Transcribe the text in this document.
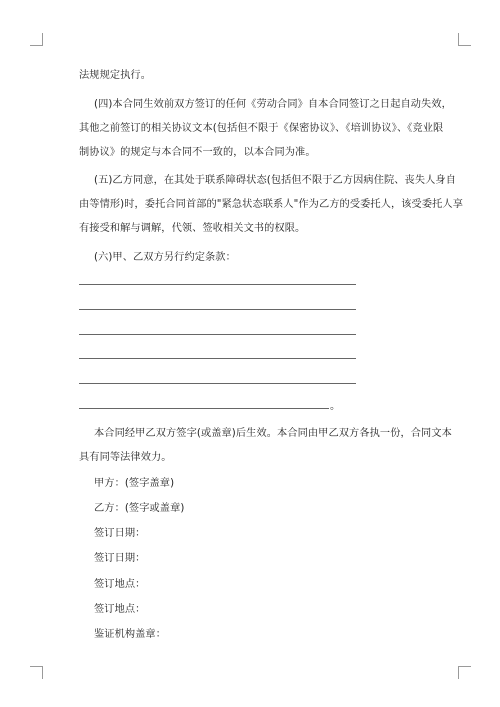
法规规定执行。
(四)本合同生效前双方签订的任何《劳动合同》自本合同签订之日起自动失效，
其他之前签订的相关协议文本(包括但不限于《保密协议》、《培训协议》、《竞业限
制协议》的规定与本合同不一致的，以本合同为准。
(五)乙方同意，在其处于联系障碍状态(包括但不限于乙方因病住院、丧失人身自
由等情形)时，委托合同首部的"紧急状态联系人"作为乙方的受委托人，该受委托人享
有接受和解与调解，代领、签收相关文书的权限。
(六)甲、乙双方另行约定条款：
。
本合同经甲乙双方签字(或盖章)后生效。本合同由甲乙双方各执一份，合同文本
具有同等法律效力。
甲方：(签字盖章)
乙方：(签字或盖章)
签订日期：
签订日期：
签订地点：
签订地点：
鉴证机构盖章：
